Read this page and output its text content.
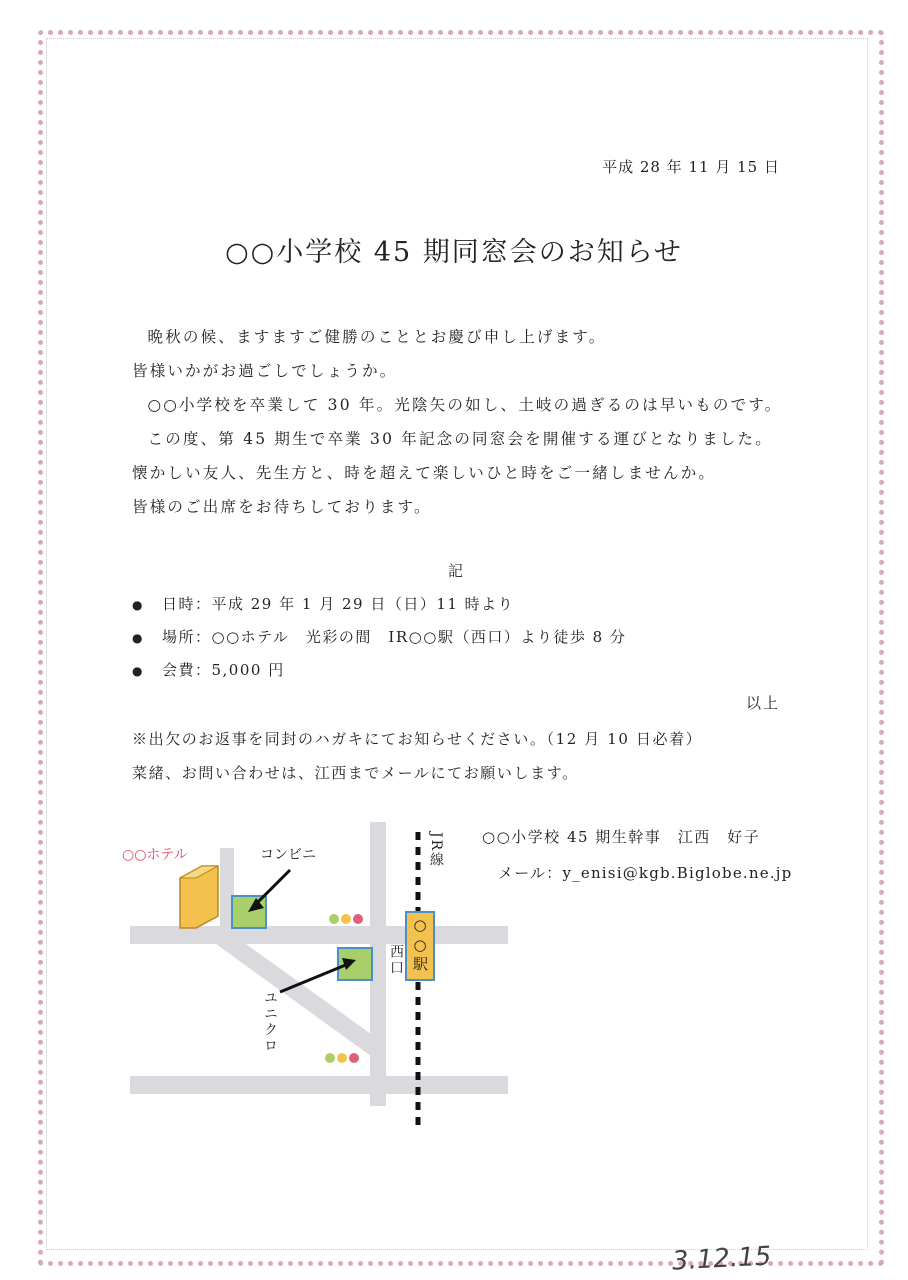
平成 28 年 11 月 15 日
○○小学校 45 期同窓会のお知らせ

晩秋の候、ますますご健勝のこととお慶び申し上げます。

皆様いかがお過ごしでしょうか。

○○小学校を卒業して 30 年。光陰矢の如し、土岐の過ぎるのは早いものです。

この度、第 45 期生で卒業 30 年記念の同窓会を開催する運びとなりました。

懐かしい友人、先生方と、時を超えて楽しいひと時をご一緒しませんか。

皆様のご出席をお待ちしております。

記
● 日時：平成 29 年 1 月 29 日（日）11 時より
● 場所：○○ホテル　光彩の間　IR○○駅（西口）より徒歩 8 分
● 会費：5,000 円
以上

※出欠のお返事を同封のハガキにてお知らせください。（12 月 10 日必着）

菜緒、お問い合わせは、江西までメールにてお願いします。

○○小学校 45 期生幹事　江西　好子
メール：y_enisi@kgb.Biglobe.ne.jp
○○ホテル	コンビニ
ユニクロ
JR線
○○駅
西口
3.12.15
